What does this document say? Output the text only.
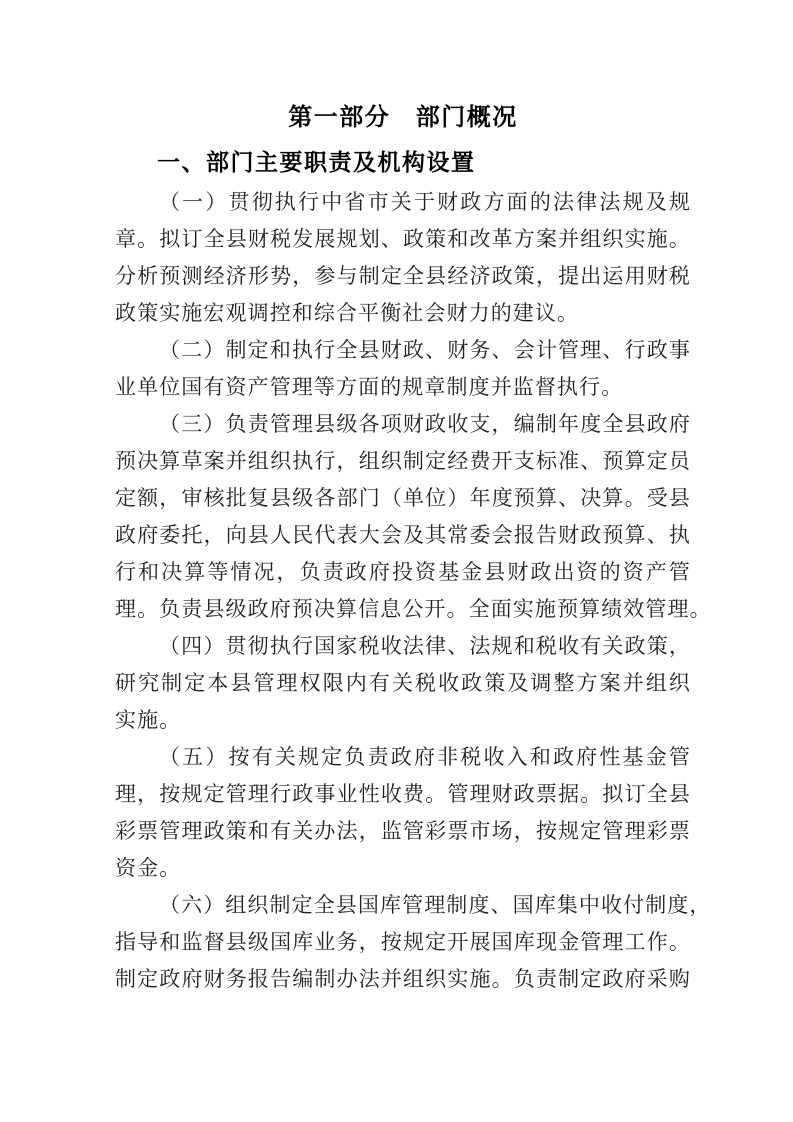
第一部分　部门概况
一、部门主要职责及机构设置
（一）贯彻执行中省市关于财政方面的法律法规及规
章。拟订全县财税发展规划、政策和改革方案并组织实施。
分析预测经济形势，参与制定全县经济政策，提出运用财税
政策实施宏观调控和综合平衡社会财力的建议。
（二）制定和执行全县财政、财务、会计管理、行政事
业单位国有资产管理等方面的规章制度并监督执行。
（三）负责管理县级各项财政收支，编制年度全县政府
预决算草案并组织执行，组织制定经费开支标准、预算定员
定额，审核批复县级各部门（单位）年度预算、决算。受县
政府委托，向县人民代表大会及其常委会报告财政预算、执
行和决算等情况，负责政府投资基金县财政出资的资产管
理。负责县级政府预决算信息公开。全面实施预算绩效管理。
（四）贯彻执行国家税收法律、法规和税收有关政策，
研究制定本县管理权限内有关税收政策及调整方案并组织
实施。
（五）按有关规定负责政府非税收入和政府性基金管
理，按规定管理行政事业性收费。管理财政票据。拟订全县
彩票管理政策和有关办法，监管彩票市场，按规定管理彩票
资金。
（六）组织制定全县国库管理制度、国库集中收付制度，
指导和监督县级国库业务，按规定开展国库现金管理工作。
制定政府财务报告编制办法并组织实施。负责制定政府采购
